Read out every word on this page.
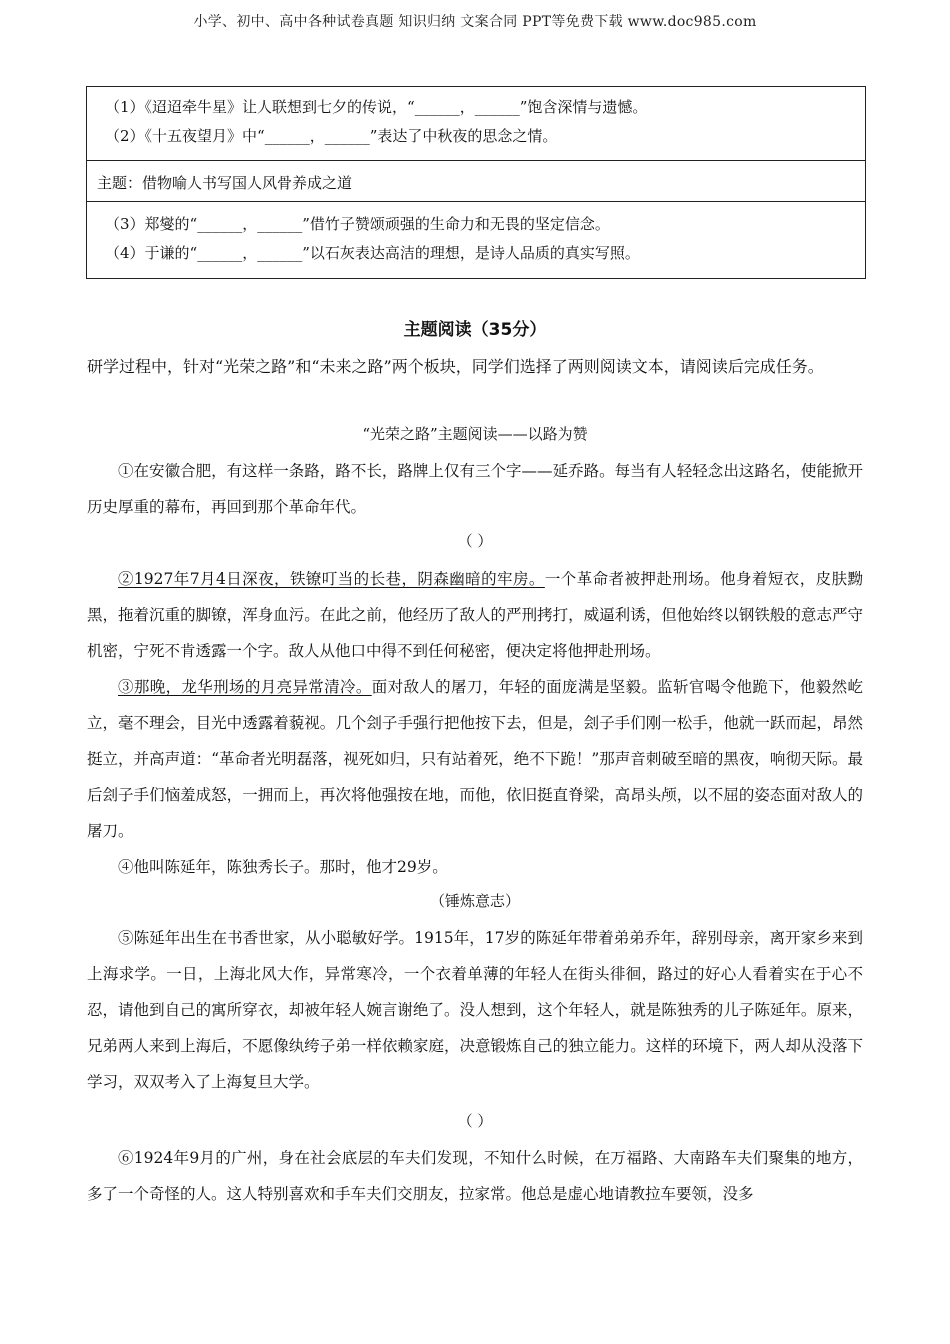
小学、初中、高中各种试卷真题 知识归纳 文案合同 PPT等免费下载 www.doc985.com
（1）《迢迢牵牛星》让人联想到七夕的传说，“______，______”饱含深情与遗憾。
（2）《十五夜望月》中“______，______”表达了中秋夜的思念之情。
主题：借物喻人书写国人风骨养成之道
（3）郑燮的“______，______”借竹子赞颂顽强的生命力和无畏的坚定信念。
（4）于谦的“______，______”以石灰表达高洁的理想，是诗人品质的真实写照。
主题阅读（35分）
研学过程中，针对“光荣之路”和“未来之路”两个板块，同学们选择了两则阅读文本，请阅读后完成任务。
“光荣之路”主题阅读——以路为赞

①在安徽合肥，有这样一条路，路不长，路牌上仅有三个字——延乔路。每当有人轻轻念出这路名，使能掀开历史厚重的幕布，再回到那个革命年代。

（ ）

②1927年7月4日深夜，铁镣叮当的长巷，阴森幽暗的牢房。一个革命者被押赴刑场。他身着短衣，皮肤黝黑，拖着沉重的脚镣，浑身血污。在此之前，他经历了敌人的严刑拷打，威逼利诱，但他始终以钢铁般的意志严守机密，宁死不肯透露一个字。敌人从他口中得不到任何秘密，便决定将他押赴刑场。

③那晚，龙华刑场的月亮异常清冷。面对敌人的屠刀，年轻的面庞满是坚毅。监斩官喝令他跪下，他毅然屹立，毫不理会，目光中透露着藐视。几个刽子手强行把他按下去，但是，刽子手们刚一松手，他就一跃而起，昂然挺立，并高声道：“革命者光明磊落，视死如归，只有站着死，绝不下跪！”那声音刺破至暗的黑夜，响彻天际。最后刽子手们恼羞成怒，一拥而上，再次将他强按在地，而他，依旧挺直脊梁，高昂头颅，以不屈的姿态面对敌人的屠刀。

④他叫陈延年，陈独秀长子。那时，他才29岁。

（锤炼意志）

⑤陈延年出生在书香世家，从小聪敏好学。1915年，17岁的陈延年带着弟弟乔年，辞别母亲，离开家乡来到上海求学。一日，上海北风大作，异常寒冷，一个衣着单薄的年轻人在街头徘徊，路过的好心人看着实在于心不忍，请他到自己的寓所穿衣，却被年轻人婉言谢绝了。没人想到，这个年轻人，就是陈独秀的儿子陈延年。原来，兄弟两人来到上海后，不愿像纨绔子弟一样依赖家庭，决意锻炼自己的独立能力。这样的环境下，两人却从没落下学习，双双考入了上海复旦大学。

（ ）

⑥1924年9月的广州，身在社会底层的车夫们发现，不知什么时候，在万福路、大南路车夫们聚集的地方，多了一个奇怪的人。这人特别喜欢和手车夫们交朋友，拉家常。他总是虚心地请教拉车要领，没多
